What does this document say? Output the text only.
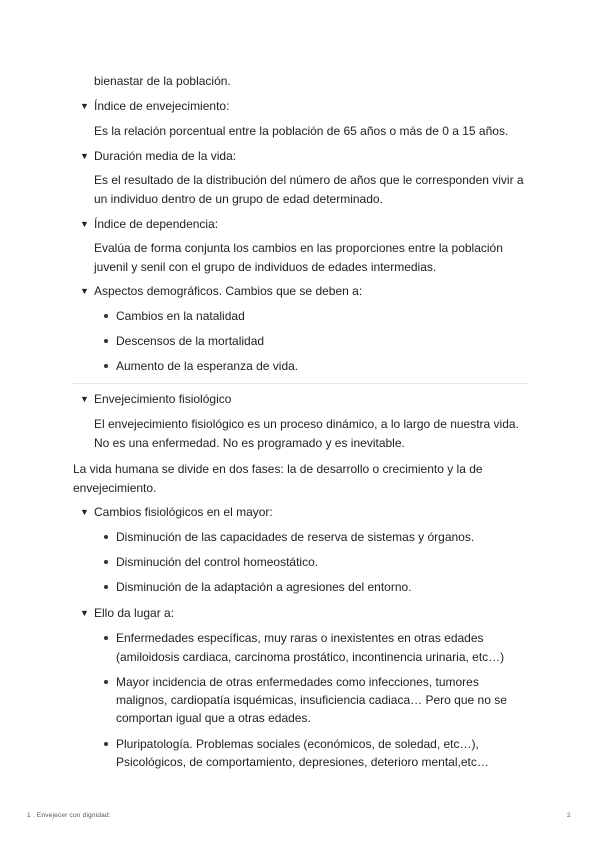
bienastar de la población.
▼ Índice de envejecimiento:
Es la relación porcentual entre la población de 65 años o más de 0 a 15 años.
▼ Duración media de la vida:
Es el resultado de la distribución del número de años que le corresponden vivir a
un individuo dentro de un grupo de edad determinado.
▼ Índice de dependencia:
Evalúa de forma conjunta los cambios en las proporciones entre la población
juvenil y senil con el grupo de individuos de edades intermedias.
▼ Aspectos demográficos. Cambios que se deben a:
Cambios en la natalidad
Descensos de la mortalidad
Aumento de la esperanza de vida.
▼ Envejecimiento fisiológico
El envejecimiento fisiológico es un proceso dinámico, a lo largo de nuestra vida.
No es una enfermedad. No es programado y es inevitable.
La vida humana se divide en dos fases: la de desarrollo o crecimiento y la de
envejecimiento.
▼ Cambios fisiológicos en el mayor:
Disminución de las capacidades de reserva de sistemas y órganos.
Disminución del control homeostático.
Disminución de la adaptación a agresiones del entorno.
▼ Ello da lugar a:
Enfermedades específicas, muy raras o inexistentes en otras edades
(amiloidosis cardiaca, carcinoma prostático, incontinencia urinaria, etc…)
Mayor incidencia de otras enfermedades como infecciones, tumores
malignos, cardiopatía isquémicas, insuficiencia cadiaca… Pero que no se
comportan igual que a otras edades.
Pluripatología. Problemas sociales (económicos, de soledad, etc…),
Psicológicos, de comportamiento, depresiones, deterioro mental,etc…
1 . Envejecer con dignidad:	2
